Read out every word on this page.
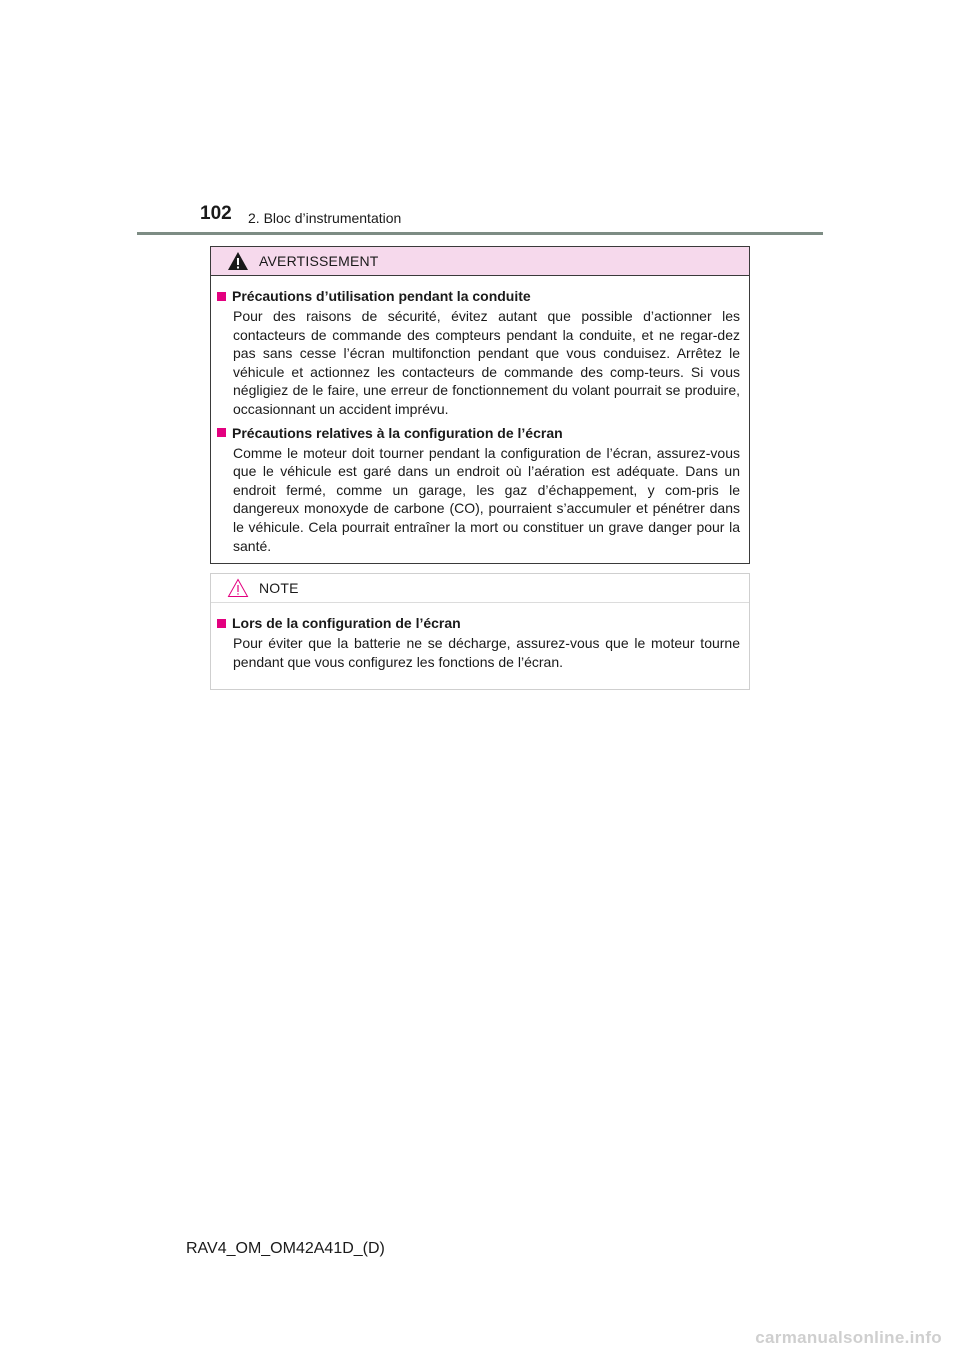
102 2. Bloc d’instrumentation
AVERTISSEMENT
Précautions d’utilisation pendant la conduite
Pour des raisons de sécurité, évitez autant que possible d’actionner les contacteurs de commande des compteurs pendant la conduite, et ne regar-dez pas sans cesse l’écran multifonction pendant que vous conduisez. Arrêtez le véhicule et actionnez les contacteurs de commande des comp-teurs. Si vous négligiez de le faire, une erreur de fonctionnement du volant pourrait se produire, occasionnant un accident imprévu.
Précautions relatives à la configuration de l’écran
Comme le moteur doit tourner pendant la configuration de l’écran, assurez-vous que le véhicule est garé dans un endroit où l’aération est adéquate. Dans un endroit fermé, comme un garage, les gaz d’échappement, y com-pris le dangereux monoxyde de carbone (CO), pourraient s’accumuler et pénétrer dans le véhicule. Cela pourrait entraîner la mort ou constituer un grave danger pour la santé.
NOTE
Lors de la configuration de l’écran
Pour éviter que la batterie ne se décharge, assurez-vous que le moteur tourne pendant que vous configurez les fonctions de l’écran.
RAV4_OM_OM42A41D_(D)
carmanualsonline.info
